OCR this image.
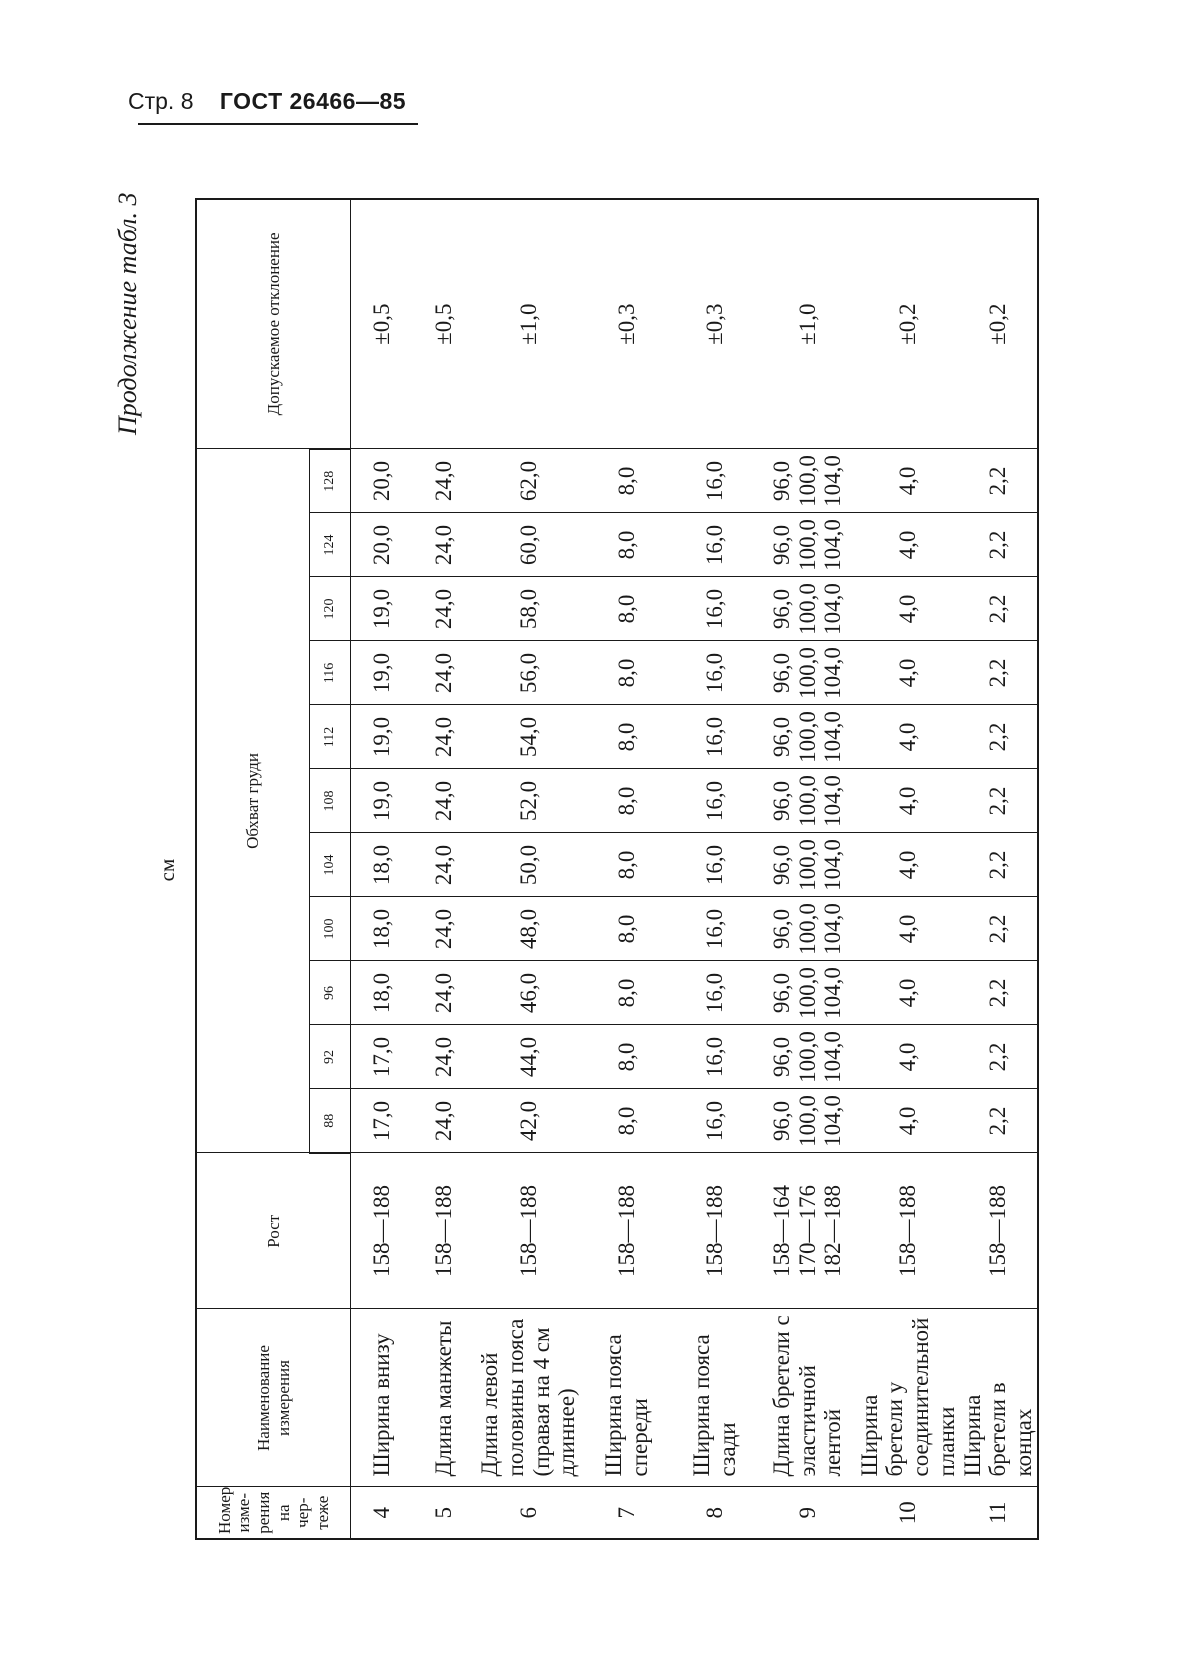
Стр. 8 ГОСТ 26466—85
Продолжение табл. 3
см
Номер измерения на чертеже	Наименование измерения	Рост	Обхват груди											Допускаемое отклонение
			88	92	96	100	104	108	112	116	120	124	128	
4	Ширина внизу	158—188	17,0	17,0	18,0	18,0	18,0	19,0	19,0	19,0	19,0	20,0	20,0	±0,5
5	Длина манжеты	158—188	24,0	24,0	24,0	24,0	24,0	24,0	24,0	24,0	24,0	24,0	24,0	±0,5
6	Длина левой половины пояса (правая на 4 см длиннее)	158—188	42,0	44,0	46,0	48,0	50,0	52,0	54,0	56,0	58,0	60,0	62,0	±1,0
7	Ширина пояса спереди	158—188	8,0	8,0	8,0	8,0	8,0	8,0	8,0	8,0	8,0	8,0	8,0	±0,3
8	Ширина пояса сзади	158—188	16,0	16,0	16,0	16,0	16,0	16,0	16,0	16,0	16,0	16,0	16,0	±0,3
9	Длина бретели с эластичной лентой	158—164
170—176
182—188	96,0
100,0
104,0	96,0
100,0
104,0	96,0
100,0
104,0	96,0
100,0
104,0	96,0
100,0
104,0	96,0
100,0
104,0	96,0
100,0
104,0	96,0
100,0
104,0	96,0
100,0
104,0	96,0
100,0
104,0	96,0
100,0
104,0	±1,0
10	Ширина бретели у соединительной планки	158—188	4,0	4,0	4,0	4,0	4,0	4,0	4,0	4,0	4,0	4,0	4,0	±0,2
11	Ширина бретели в концах	158—188	2,2	2,2	2,2	2,2	2,2	2,2	2,2	2,2	2,2	2,2	2,2	±0,2
